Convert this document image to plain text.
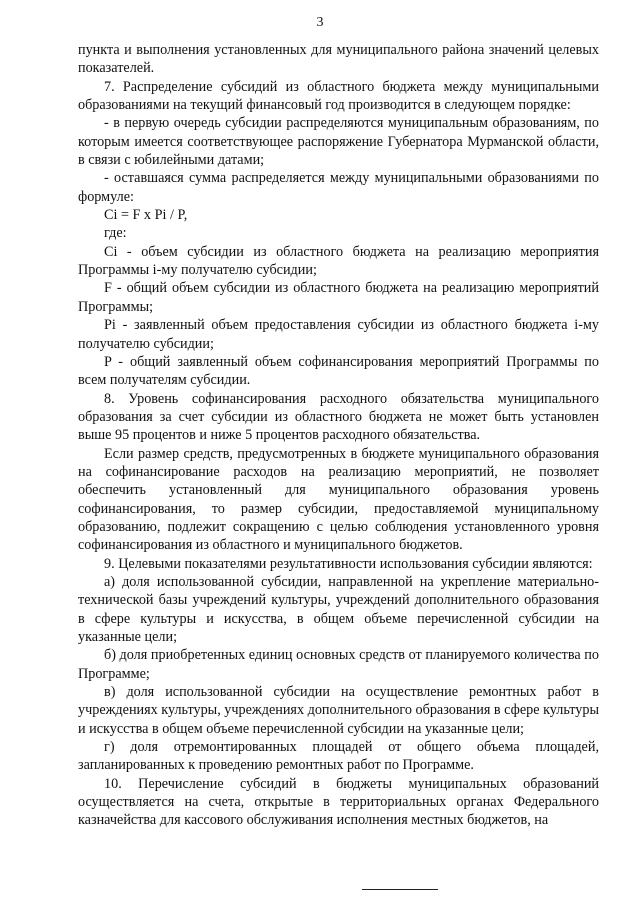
3

пункта и выполнения установленных для муниципального района значений целевых показателей.

7. Распределение субсидий из областного бюджета между муниципальными образованиями на текущий финансовый год производится в следующем порядке:

- в первую очередь субсидии распределяются муниципальным образованиям, по которым имеется соответствующее распоряжение Губернатора Мурманской области, в связи с юбилейными датами;

- оставшаяся сумма распределяется между муниципальными образованиями по формуле:

Ci = F x Pi / P,

где:

Ci - объем субсидии из областного бюджета на реализацию мероприятия Программы i-му получателю субсидии;

F - общий объем субсидии из областного бюджета на реализацию мероприятий Программы;

Pi - заявленный объем предоставления субсидии из областного бюджета i-му получателю субсидии;

P - общий заявленный объем софинансирования мероприятий Программы по всем получателям субсидии.

8. Уровень софинансирования расходного обязательства муниципального образования за счет субсидии из областного бюджета не может быть установлен выше 95 процентов и ниже 5 процентов расходного обязательства.

Если размер средств, предусмотренных в бюджете муниципального образования на софинансирование расходов на реализацию мероприятий, не позволяет обеспечить установленный для муниципального образования уровень софинансирования, то размер субсидии, предоставляемой муниципальному образованию, подлежит сокращению с целью соблюдения установленного уровня софинансирования из областного и муниципального бюджетов.

9. Целевыми показателями результативности использования субсидии являются:

а) доля использованной субсидии, направленной на укрепление материально-технической базы учреждений культуры, учреждений дополнительного образования в сфере культуры и искусства, в общем объеме перечисленной субсидии на указанные цели;

б) доля приобретенных единиц основных средств от планируемого количества по Программе;

в) доля использованной субсидии на осуществление ремонтных работ в учреждениях культуры, учреждениях дополнительного образования в сфере культуры и искусства в общем объеме перечисленной субсидии на указанные цели;

г) доля отремонтированных площадей от общего объема площадей, запланированных к проведению ремонтных работ по Программе.

10. Перечисление субсидий в бюджеты муниципальных образований осуществляется на счета, открытые в территориальных органах Федерального казначейства для кассового обслуживания исполнения местных бюджетов, на
